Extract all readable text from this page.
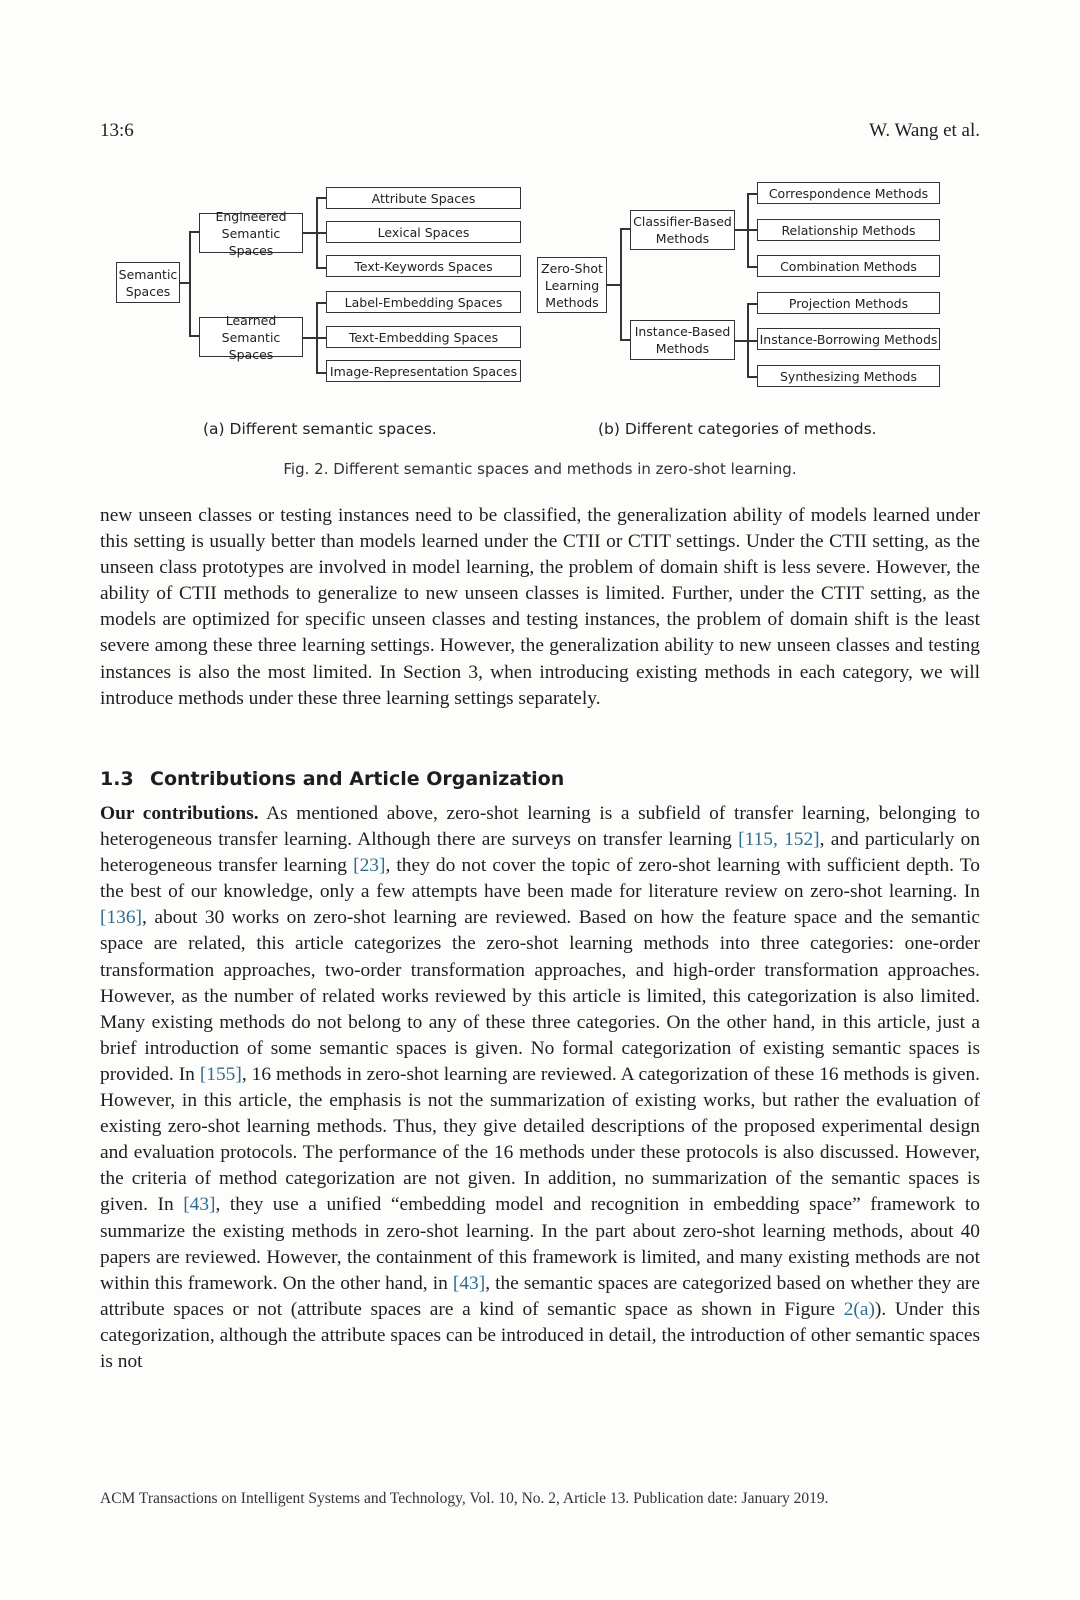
13:6	W. Wang et al.
Semantic Spaces
Engineered Semantic Spaces
Learned Semantic Spaces
Attribute Spaces
Lexical Spaces
Text-Keywords Spaces
Label-Embedding Spaces
Text-Embedding Spaces
Image-Representation Spaces
Zero-Shot Learning Methods
Classifier-Based Methods
Instance-Based Methods
Correspondence Methods
Relationship Methods
Combination Methods
Projection Methods
Instance-Borrowing Methods
Synthesizing Methods
(a) Different semantic spaces.	(b) Different categories of methods.
Fig. 2. Different semantic spaces and methods in zero-shot learning.

new unseen classes or testing instances need to be classified, the generalization ability of models learned under this setting is usually better than models learned under the CTII or CTIT settings. Under the CTII setting, as the unseen class prototypes are involved in model learning, the problem of domain shift is less severe. However, the ability of CTII methods to generalize to new unseen classes is limited. Further, under the CTIT setting, as the models are optimized for specific unseen classes and testing instances, the problem of domain shift is the least severe among these three learning settings. However, the generalization ability to new unseen classes and testing instances is also the most limited. In Section 3, when introducing existing methods in each category, we will introduce methods under these three learning settings separately.

1.3 Contributions and Article Organization

Our contributions. As mentioned above, zero-shot learning is a subfield of transfer learning, belonging to heterogeneous transfer learning. Although there are surveys on transfer learning [115, 152], and particularly on heterogeneous transfer learning [23], they do not cover the topic of zero-shot learning with sufficient depth. To the best of our knowledge, only a few attempts have been made for literature review on zero-shot learning. In [136], about 30 works on zero-shot learning are reviewed. Based on how the feature space and the semantic space are related, this article categorizes the zero-shot learning methods into three categories: one-order transformation approaches, two-order transformation approaches, and high-order transformation approaches. However, as the number of related works reviewed by this article is limited, this categorization is also limited. Many existing methods do not belong to any of these three categories. On the other hand, in this article, just a brief introduction of some semantic spaces is given. No formal categorization of existing semantic spaces is provided. In [155], 16 methods in zero-shot learning are reviewed. A categorization of these 16 methods is given. However, in this article, the emphasis is not the summarization of existing works, but rather the evaluation of existing zero-shot learning methods. Thus, they give detailed descriptions of the proposed experimental design and evaluation protocols. The performance of the 16 methods under these protocols is also discussed. However, the criteria of method categorization are not given. In addition, no summarization of the semantic spaces is given. In [43], they use a unified “embedding model and recognition in embedding space” framework to summarize the existing methods in zero-shot learning. In the part about zero-shot learning methods, about 40 papers are reviewed. However, the containment of this framework is limited, and many existing methods are not within this framework. On the other hand, in [43], the semantic spaces are categorized based on whether they are attribute spaces or not (attribute spaces are a kind of semantic space as shown in Figure 2(a)). Under this categorization, although the attribute spaces can be introduced in detail, the introduction of other semantic spaces is not

ACM Transactions on Intelligent Systems and Technology, Vol. 10, No. 2, Article 13. Publication date: January 2019.
